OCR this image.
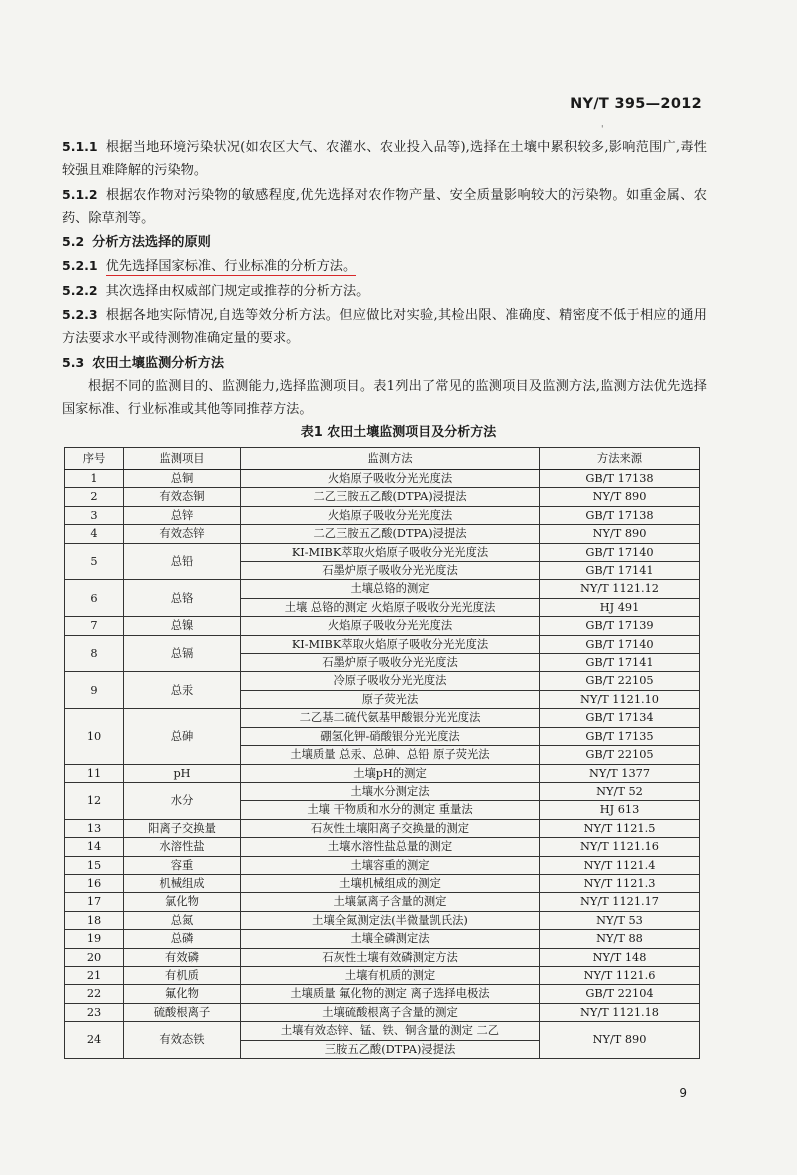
NY/T 395—2012
'

5.1.1 根据当地环境污染状况(如农区大气、农灌水、农业投入品等),选择在土壤中累积较多,影响范围广,毒性较强且难降解的污染物。

5.1.2 根据农作物对污染物的敏感程度,优先选择对农作物产量、安全质量影响较大的污染物。如重金属、农药、除草剂等。

5.2 分析方法选择的原则

5.2.1 优先选择国家标准、行业标准的分析方法。

5.2.2 其次选择由权威部门规定或推荐的分析方法。

5.2.3 根据各地实际情况,自选等效分析方法。但应做比对实验,其检出限、准确度、精密度不低于相应的通用方法要求水平或待测物准确定量的要求。

5.3 农田土壤监测分析方法

根据不同的监测目的、监测能力,选择监测项目。表1列出了常见的监测项目及监测方法,监测方法优先选择国家标准、行业标准或其他等同推荐方法。

表1 农田土壤监测项目及分析方法
序号	监测项目	监测方法	方法来源
1	总铜	火焰原子吸收分光光度法	GB/T 17138
2	有效态铜	二乙三胺五乙酸(DTPA)浸提法	NY/T 890
3	总锌	火焰原子吸收分光光度法	GB/T 17138
4	有效态锌	二乙三胺五乙酸(DTPA)浸提法	NY/T 890
5	总铅	KI-MIBK萃取火焰原子吸收分光光度法	GB/T 17140
		石墨炉原子吸收分光光度法	GB/T 17141
6	总铬	土壤总铬的测定	NY/T 1121.12
		土壤 总铬的测定 火焰原子吸收分光光度法	HJ 491
7	总镍	火焰原子吸收分光光度法	GB/T 17139
8	总镉	KI-MIBK萃取火焰原子吸收分光光度法	GB/T 17140
		石墨炉原子吸收分光光度法	GB/T 17141
9	总汞	冷原子吸收分光光度法	GB/T 22105
		原子荧光法	NY/T 1121.10
10	总砷	二乙基二硫代氨基甲酸银分光光度法	GB/T 17134
		硼氢化钾-硝酸银分光光度法	GB/T 17135
		土壤质量 总汞、总砷、总铅 原子荧光法	GB/T 22105
11	pH	土壤pH的测定	NY/T 1377
12	水分	土壤水分测定法	NY/T 52
		土壤 干物质和水分的测定 重量法	HJ 613
13	阳离子交换量	石灰性土壤阳离子交换量的测定	NY/T 1121.5
14	水溶性盐	土壤水溶性盐总量的测定	NY/T 1121.16
15	容重	土壤容重的测定	NY/T 1121.4
16	机械组成	土壤机械组成的测定	NY/T 1121.3
17	氯化物	土壤氯离子含量的测定	NY/T 1121.17
18	总氮	土壤全氮测定法(半微量凯氏法)	NY/T 53
19	总磷	土壤全磷测定法	NY/T 88
20	有效磷	石灰性土壤有效磷测定方法	NY/T 148
21	有机质	土壤有机质的测定	NY/T 1121.6
22	氟化物	土壤质量 氟化物的测定 离子选择电极法	GB/T 22104
23	硫酸根离子	土壤硫酸根离子含量的测定	NY/T 1121.18
24	有效态铁	土壤有效态锌、锰、铁、铜含量的测定 二乙	NY/T 890
		三胺五乙酸(DTPA)浸提法	
9
